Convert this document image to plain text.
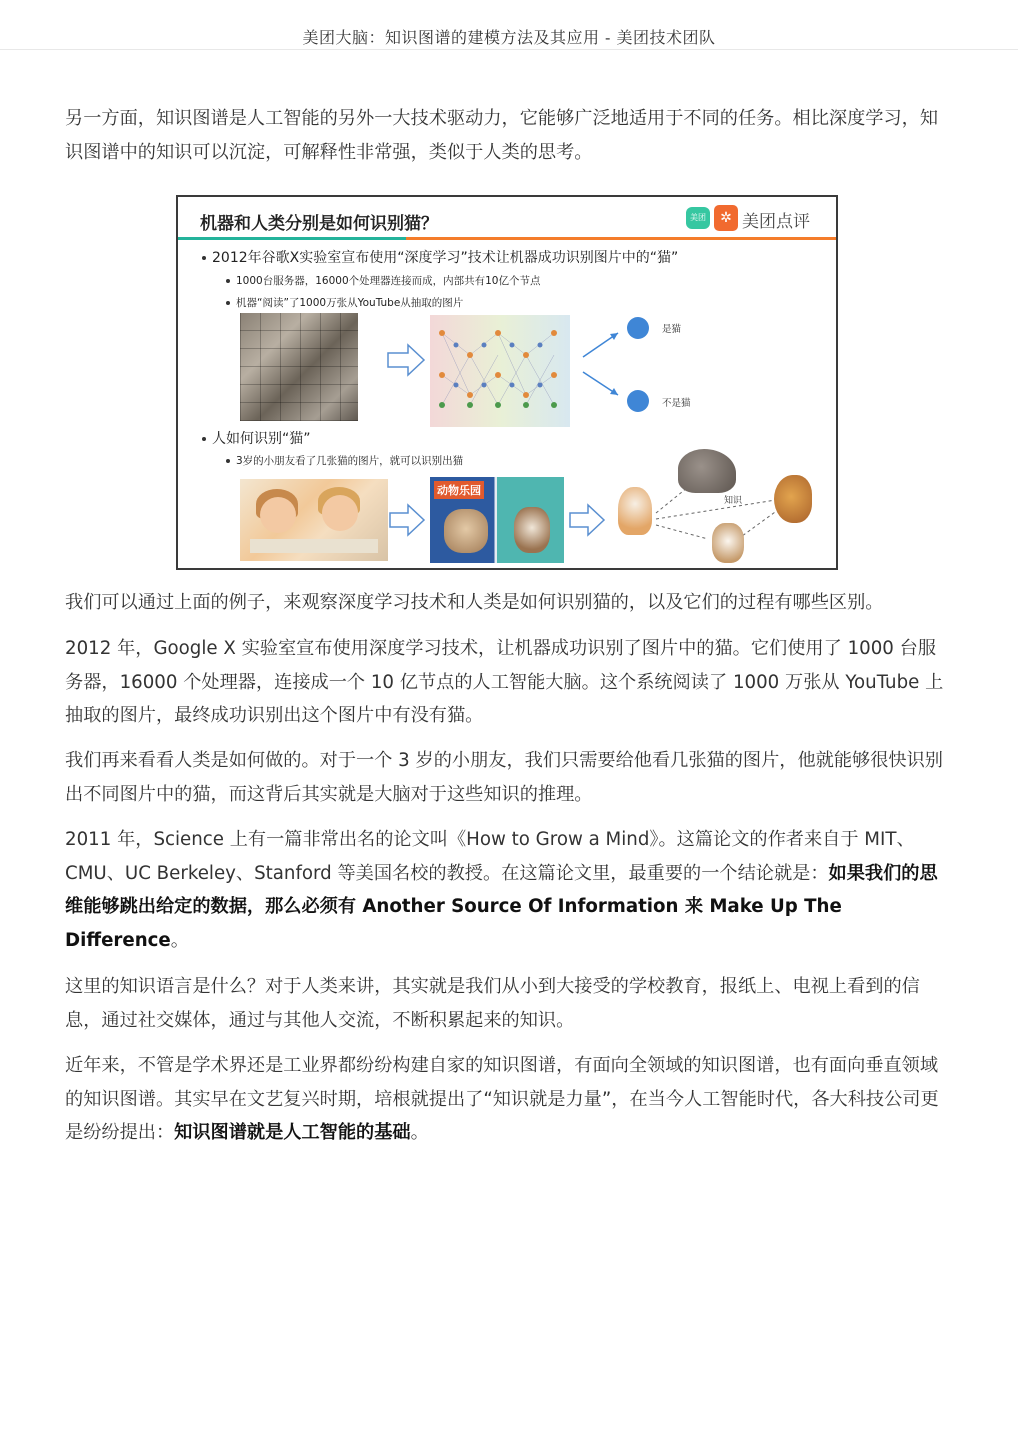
美团大脑：知识图谱的建模方法及其应用 - 美团技术团队

另一方面，知识图谱是人工智能的另外一大技术驱动力，它能够广泛地适用于不同的任务。相比深度学习，知识图谱中的知识可以沉淀，可解释性非常强，类似于人类的思考。

机器和人类分别是如何识别猫？	美团	✲ 美团点评
2012年谷歌X实验室宣布使用“深度学习”技术让机器成功识别图片中的“猫”
1000台服务器，16000个处理器连接而成，内部共有10亿个节点
机器“阅读”了1000万张从YouTube从抽取的图片
是猫
不是猫
人如何识别“猫”
3岁的小朋友看了几张猫的图片，就可以识别出猫
动物乐园
知识

我们可以通过上面的例子，来观察深度学习技术和人类是如何识别猫的，以及它们的过程有哪些区别。

2012 年，Google X 实验室宣布使用深度学习技术，让机器成功识别了图片中的猫。它们使用了 1000 台服务器，16000 个处理器，连接成一个 10 亿节点的人工智能大脑。这个系统阅读了 1000 万张从 YouTube 上抽取的图片，最终成功识别出这个图片中有没有猫。

我们再来看看人类是如何做的。对于一个 3 岁的小朋友，我们只需要给他看几张猫的图片，他就能够很快识别出不同图片中的猫，而这背后其实就是大脑对于这些知识的推理。

2011 年，Science 上有一篇非常出名的论文叫《How to Grow a Mind》。这篇论文的作者来自于 MIT、CMU、UC Berkeley、Stanford 等美国名校的教授。在这篇论文里，最重要的一个结论就是：如果我们的思维能够跳出给定的数据，那么必须有 Another Source Of Information 来 Make Up The Difference。

这里的知识语言是什么？对于人类来讲，其实就是我们从小到大接受的学校教育，报纸上、电视上看到的信息，通过社交媒体，通过与其他人交流，不断积累起来的知识。

近年来，不管是学术界还是工业界都纷纷构建自家的知识图谱，有面向全领域的知识图谱，也有面向垂直领域的知识图谱。其实早在文艺复兴时期，培根就提出了“知识就是力量”，在当今人工智能时代，各大科技公司更是纷纷提出：知识图谱就是人工智能的基础。
